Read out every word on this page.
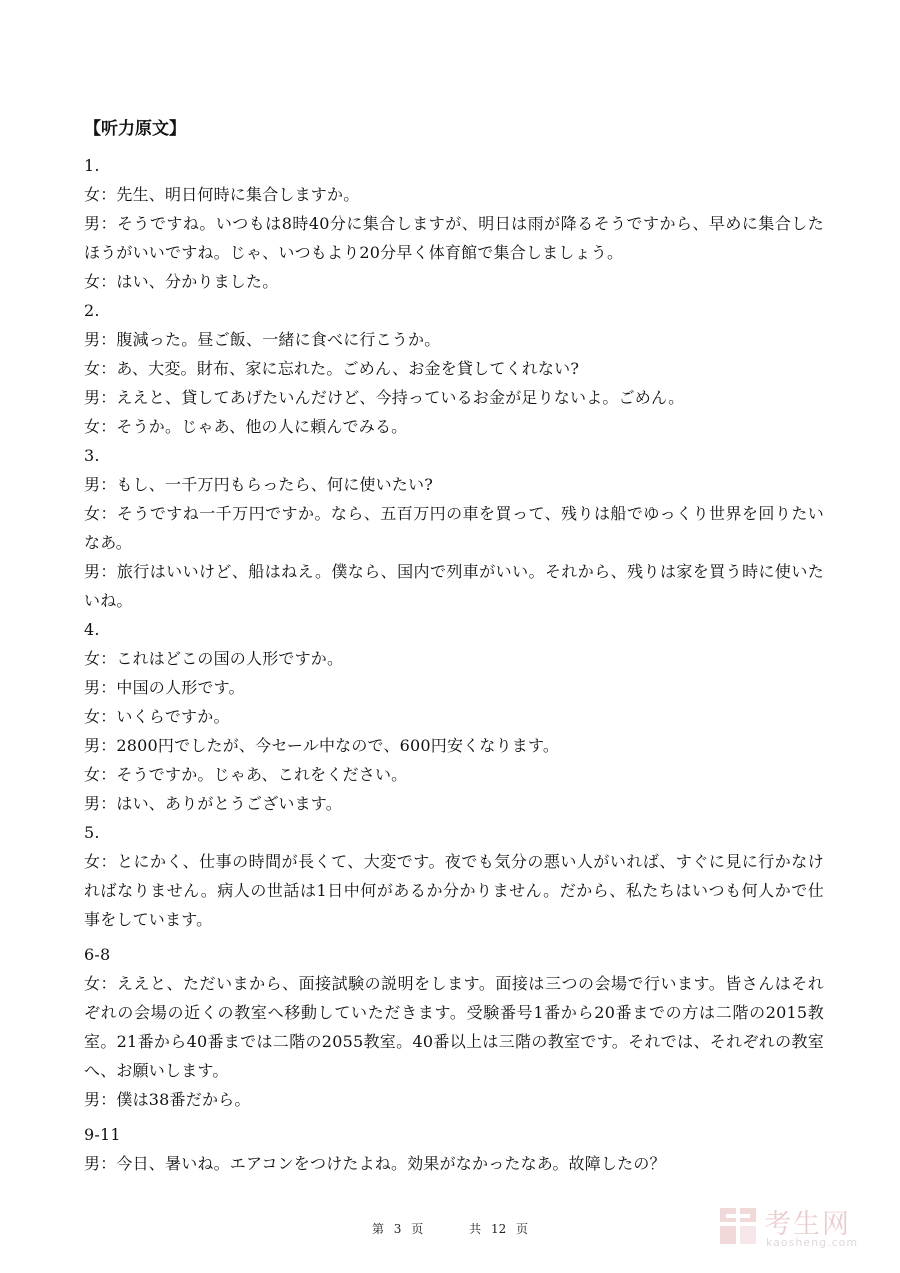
【听力原文】
1.
女：先生、明日何時に集合しますか。
男：そうですね。いつもは8時40分に集合しますが、明日は雨が降るそうですから、早めに集合したほうがいいですね。じゃ、いつもより20分早く体育館で集合しましょう。
女：はい、分かりました。
2.
男：腹減った。昼ご飯、一緒に食べに行こうか。
女：あ、大変。財布、家に忘れた。ごめん、お金を貸してくれない?
男：ええと、貸してあげたいんだけど、今持っているお金が足りないよ。ごめん。
女：そうか。じゃあ、他の人に頼んでみる。
3.
男：もし、一千万円もらったら、何に使いたい?
女：そうですね一千万円ですか。なら、五百万円の車を買って、残りは船でゆっくり世界を回りたいなあ。
男：旅行はいいけど、船はねえ。僕なら、国内で列車がいい。それから、残りは家を買う時に使いたいね。
4.
女：これはどこの国の人形ですか。
男：中国の人形です。
女：いくらですか。
男：2800円でしたが、今セール中なので、600円安くなります。
女：そうですか。じゃあ、これをください。
男：はい、ありがとうございます。
5.
女：とにかく、仕事の時間が長くて、大変です。夜でも気分の悪い人がいれば、すぐに見に行かなければなりません。病人の世話は1日中何があるか分かりません。だから、私たちはいつも何人かで仕事をしています。
6-8
女：ええと、ただいまから、面接試験の説明をします。面接は三つの会場で行います。皆さんはそれぞれの会場の近くの教室へ移動していただきます。受験番号1番から20番までの方は二階の2015教室。21番から40番までは二階の2055教室。40番以上は三階の教室です。それでは、それぞれの教室へ、お願いします。
男：僕は38番だから。
9-11
男：今日、暑いね。エアコンをつけたよね。効果がなかったなあ。故障したの？
第 3 页	共 12 页	考生网
kaosheng.com
